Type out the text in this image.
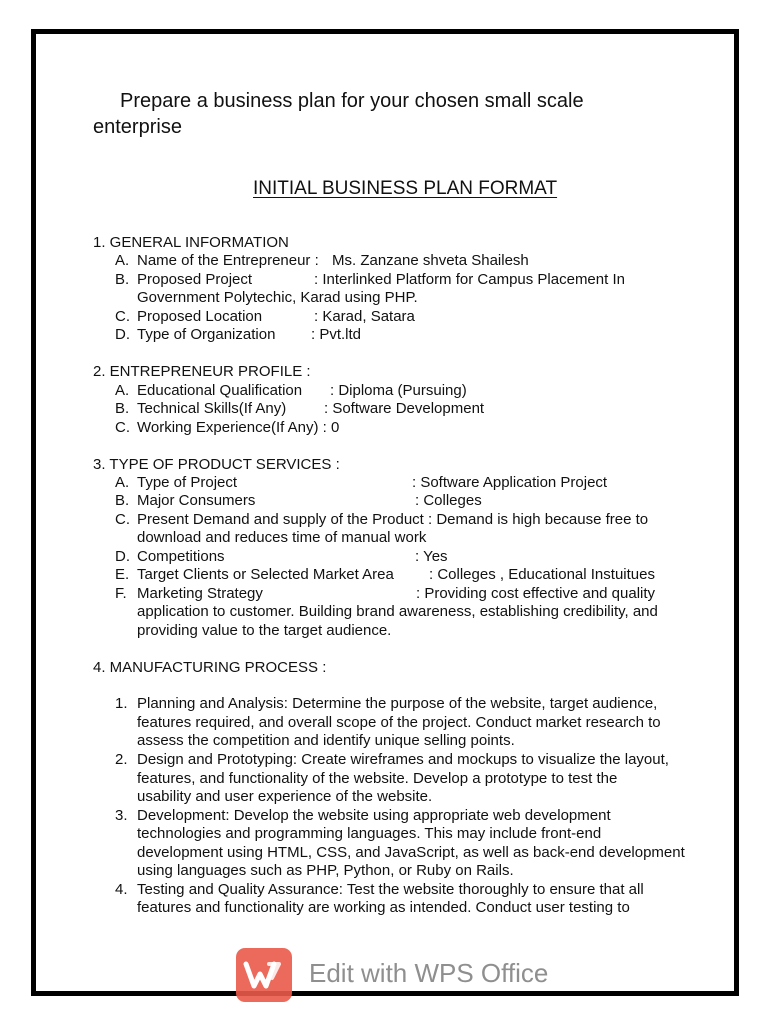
Prepare a business plan for your chosen small scale
enterprise
INITIAL BUSINESS PLAN FORMAT
1. GENERAL INFORMATION
A. Name of the Entrepreneur : Ms. Zanzane shveta Shailesh
B. Proposed Project	: Interlinked Platform for Campus Placement In
Government Polytechic, Karad using PHP.
C. Proposed Location	: Karad, Satara
D. Type of Organization : Pvt.ltd
2. ENTREPRENEUR PROFILE :
A. Educational Qualification : Diploma (Pursuing)
B. Technical Skills(If Any)	: Software Development
C. Working Experience(If Any) : 0
3. TYPE OF PRODUCT SERVICES :
A. Type of Project	: Software Application Project
B. Major Consumers	: Colleges
C. Present Demand and supply of the Product : Demand is high because free to
download and reduces time of manual work
D. Competitions	: Yes
E. Target Clients or Selected Market Area : Colleges , Educational Instuitues
F. Marketing Strategy	: Providing cost effective and quality
application to customer. Building brand awareness, establishing credibility, and
providing value to the target audience.
4. MANUFACTURING PROCESS :
1. Planning and Analysis: Determine the purpose of the website, target audience,
features required, and overall scope of the project. Conduct market research to
assess the competition and identify unique selling points.
2. Design and Prototyping: Create wireframes and mockups to visualize the layout,
features, and functionality of the website. Develop a prototype to test the
usability and user experience of the website.
3. Development: Develop the website using appropriate web development
technologies and programming languages. This may include front-end
development using HTML, CSS, and JavaScript, as well as back-end development
using languages such as PHP, Python, or Ruby on Rails.
4. Testing and Quality Assurance: Test the website thoroughly to ensure that all
features and functionality are working as intended. Conduct user testing to
Edit with WPS Office
